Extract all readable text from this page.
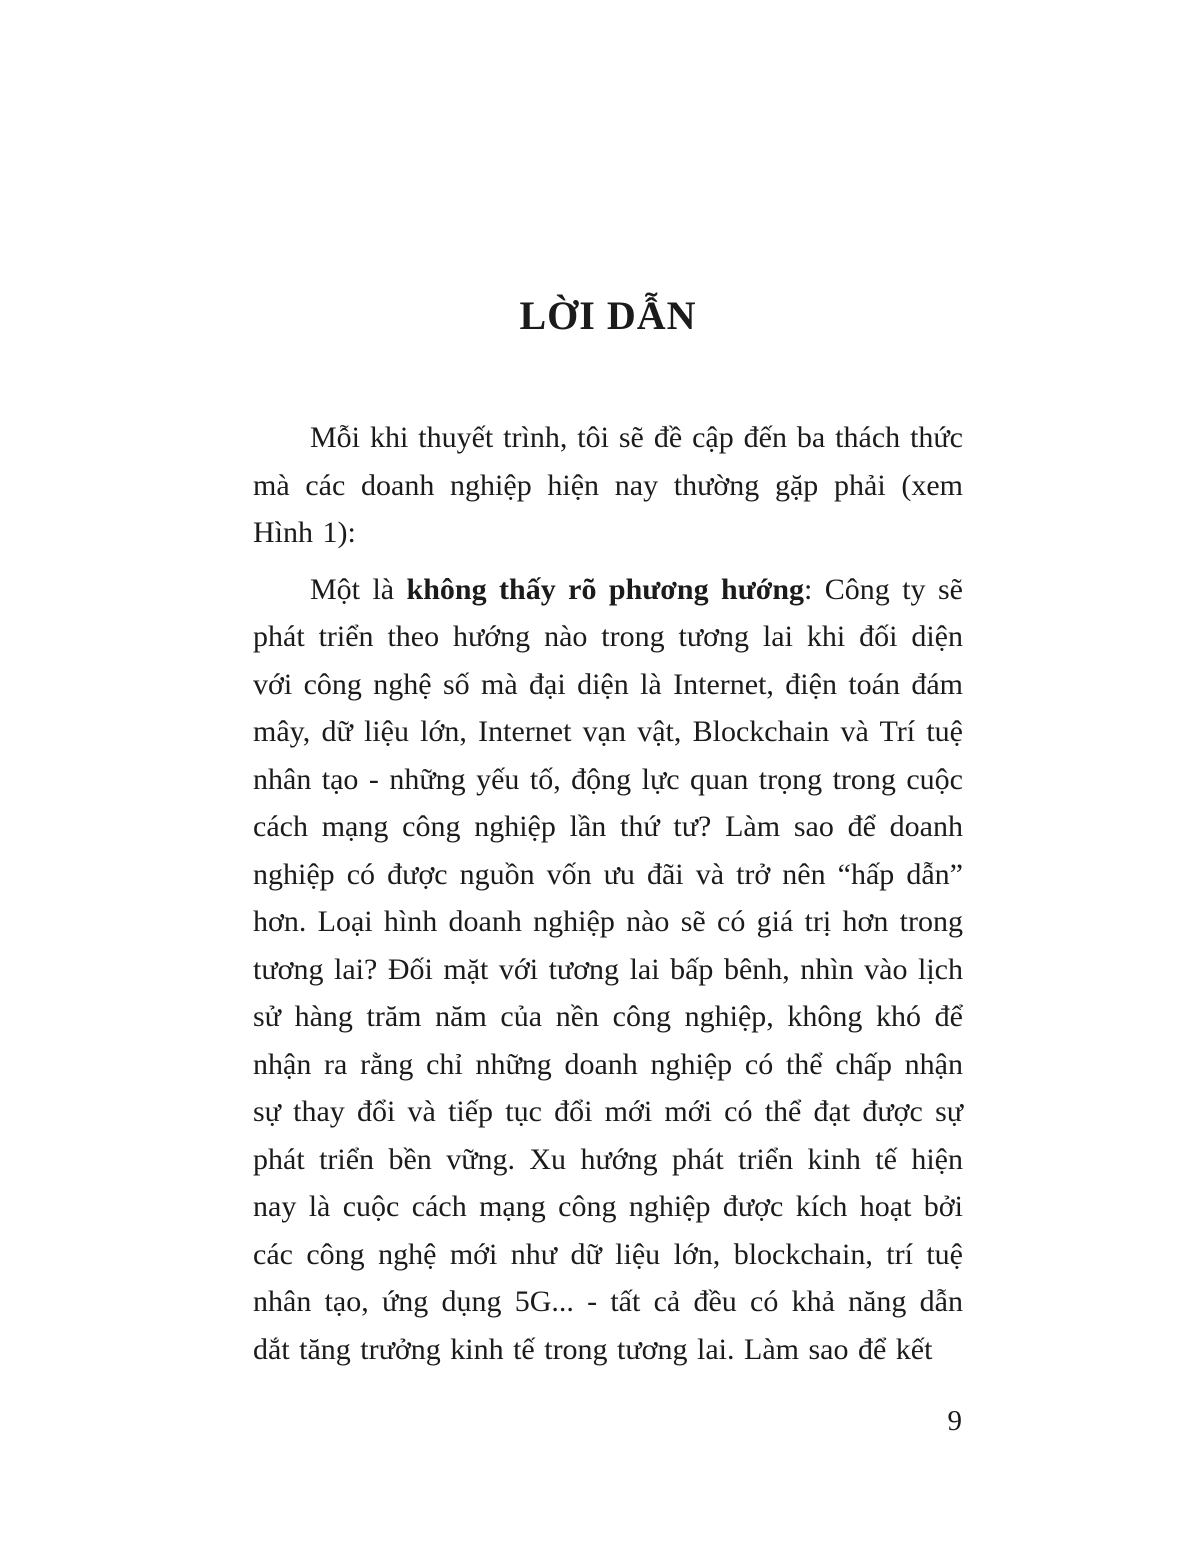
LỜI DẪN

Mỗi khi thuyết trình, tôi sẽ đề cập đến ba thách thức mà các doanh nghiệp hiện nay thường gặp phải (xem Hình 1):

Một là không thấy rõ phương hướng: Công ty sẽ phát triển theo hướng nào trong tương lai khi đối diện với công nghệ số mà đại diện là Internet, điện toán đám mây, dữ liệu lớn, Internet vạn vật, Blockchain và Trí tuệ nhân tạo - những yếu tố, động lực quan trọng trong cuộc cách mạng công nghiệp lần thứ tư? Làm sao để doanh nghiệp có được nguồn vốn ưu đãi và trở nên “hấp dẫn” hơn. Loại hình doanh nghiệp nào sẽ có giá trị hơn trong tương lai? Đối mặt với tương lai bấp bênh, nhìn vào lịch sử hàng trăm năm của nền công nghiệp, không khó để nhận ra rằng chỉ những doanh nghiệp có thể chấp nhận sự thay đổi và tiếp tục đổi mới mới có thể đạt được sự phát triển bền vững. Xu hướng phát triển kinh tế hiện nay là cuộc cách mạng công nghiệp được kích hoạt bởi các công nghệ mới như dữ liệu lớn, blockchain, trí tuệ nhân tạo, ứng dụng 5G... - tất cả đều có khả năng dẫn dắt tăng trưởng kinh tế trong tương lai. Làm sao để kết

9
